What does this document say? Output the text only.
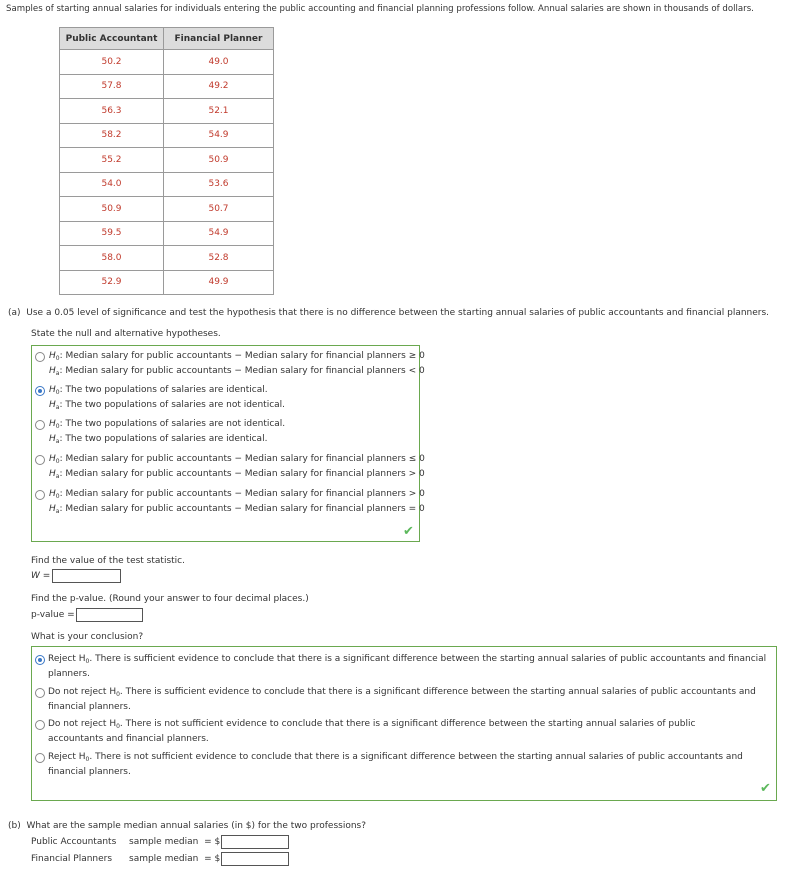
Samples of starting annual salaries for individuals entering the public accounting and financial planning professions follow. Annual salaries are shown in thousands of dollars.
Public Accountant	Financial Planner
50.2	49.0
57.8	49.2
56.3	52.1
58.2	54.9
55.2	50.9
54.0	53.6
50.9	50.7
59.5	54.9
58.0	52.8
52.9	49.9
(a) Use a 0.05 level of significance and test the hypothesis that there is no difference between the starting annual salaries of public accountants and financial planners.
State the null and alternative hypotheses.
$H_0$: Median salary for public accountants − Median salary for financial planners ≥ 0
$H_a$: Median salary for public accountants − Median salary for financial planners < 0
$H_0$: The two populations of salaries are identical.
$H_a$: The two populations of salaries are not identical.
$H_0$: The two populations of salaries are not identical.
$H_a$: The two populations of salaries are identical.
$H_0$: Median salary for public accountants − Median salary for financial planners ≤ 0
$H_a$: Median salary for public accountants − Median salary for financial planners > 0
$H_0$: Median salary for public accountants − Median salary for financial planners > 0
$H_a$: Median salary for public accountants − Median salary for financial planners = 0
✔
Find the value of the test statistic.
W =
Find the p-value. (Round your answer to four decimal places.)
p-value =
What is your conclusion?
Reject $H_0$. There is sufficient evidence to conclude that there is a significant difference between the starting annual salaries of public accountants and financial planners.
Do not reject $H_0$. There is sufficient evidence to conclude that there is a significant difference between the starting annual salaries of public accountants and financial planners.
Do not reject $H_0$. There is not sufficient evidence to conclude that there is a significant difference between the starting annual salaries of public accountants and financial planners.
Reject $H_0$. There is not sufficient evidence to conclude that there is a significant difference between the starting annual salaries of public accountants and financial planners.
✔
(b) What are the sample median annual salaries (in $) for the two professions?
Public Accountants sample median = $
Financial Planners sample median = $
